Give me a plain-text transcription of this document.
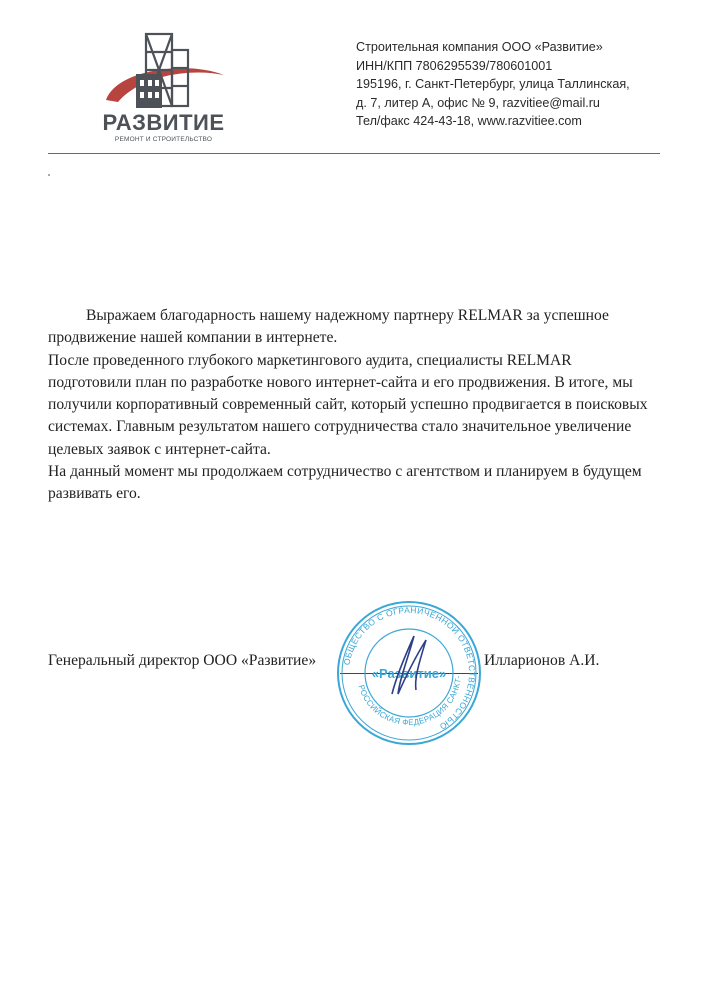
РАЗВИТИЕ
РЕМОНТ И СТРОИТЕЛЬСТВО
Строительная компания ООО «Развитие»
ИНН/КПП 7806295539/780601001
195196, г. Санкт-Петербург, улица Таллинская,
д. 7, литер А, офис № 9, razvitiee@mail.ru
Тел/факс 424-43-18, www.razvitiee.com

Выражаем благодарность нашему надежному партнеру RELMAR за успешное продвижение нашей компании в интернете.

После проведенного глубокого маркетингового аудита, специалисты RELMAR подготовили план по разработке нового интернет-сайта и его продвижения. В итоге, мы получили корпоративный современный сайт, который успешно продвигается в поисковых системах. Главным результатом нашего сотрудничества стало значительное увеличение целевых заявок с интернет-сайта.

На данный момент мы продолжаем сотрудничество с агентством и планируем в будущем развивать его.

Генеральный директор ООО «Развитие»	Илларионов А.И.
ОБЩЕСТВО С ОГРАНИЧЕННОЙ ОТВЕТСТВЕННОСТЬЮ
РОССИЙСКАЯ ФЕДЕРАЦИЯ САНКТ-
«Развитие»
